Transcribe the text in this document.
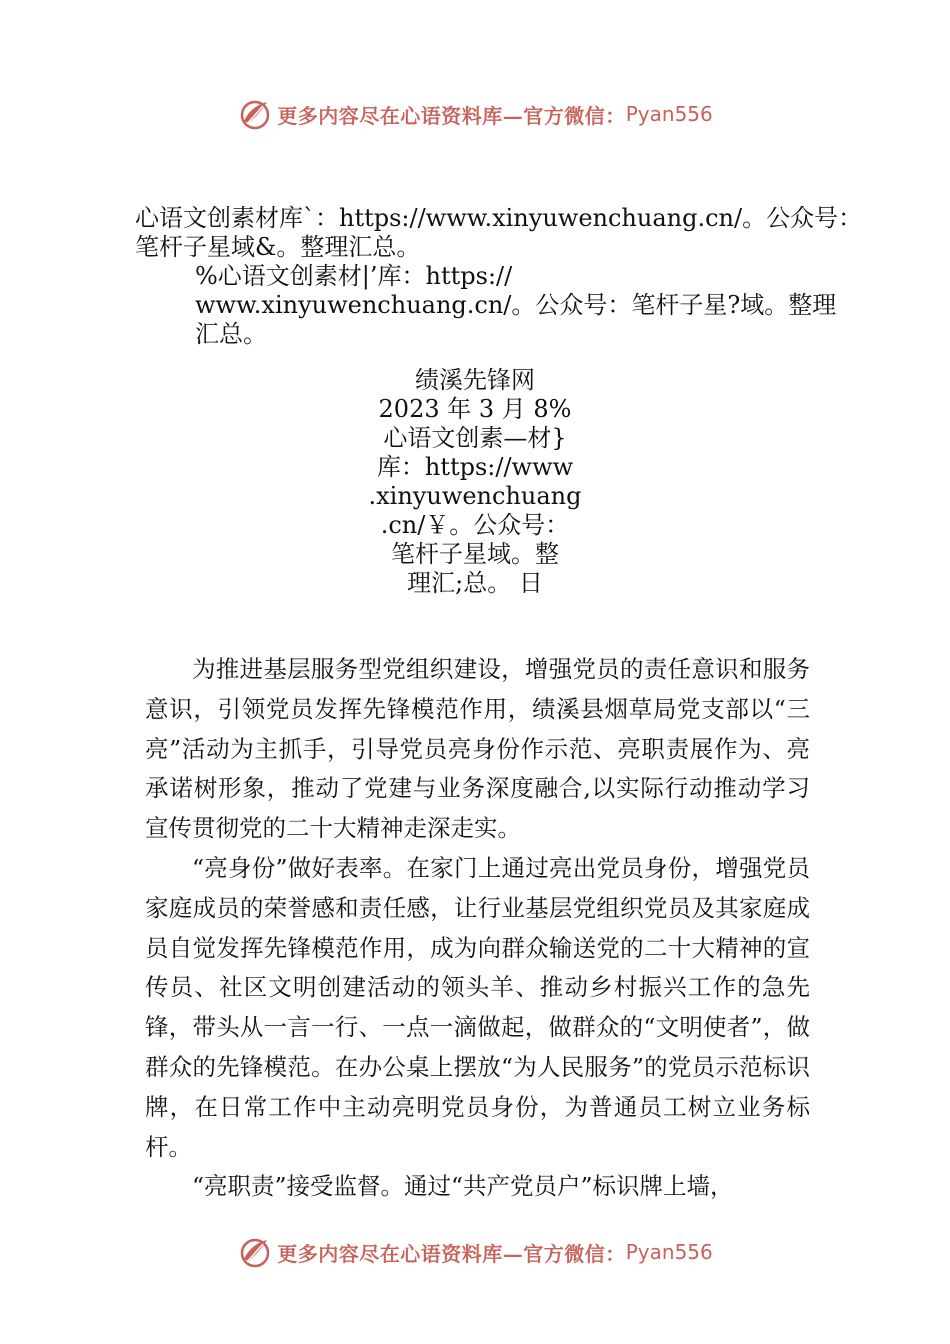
更多内容尽在心语资料库—官方微信： Pyan556
心语文创素材库`：https://www.xinyuwenchuang.cn/。公众号：
笔杆子星域&。整理汇总。
%心语文创素材|’库：https://
www.xinyuwenchuang.cn/。公众号：笔杆子星?域。整理
汇总。
绩溪先锋网
2023 年 3 月 8%
心语文创素—材}
库：https://www
.xinyuwenchuang
.cn/￥。公众号：
笔杆子星域。整
理汇;总。 日

为推进基层服务型党组织建设，增强党员的责任意识和服务意识，引领党员发挥先锋模范作用，绩溪县烟草局党支部以“三亮”活动为主抓手，引导党员亮身份作示范、亮职责展作为、亮承诺树形象，推动了党建与业务深度融合,以实际行动推动学习宣传贯彻党的二十大精神走深走实。

“亮身份”做好表率。在家门上通过亮出党员身份，增强党员家庭成员的荣誉感和责任感，让行业基层党组织党员及其家庭成员自觉发挥先锋模范作用，成为向群众输送党的二十大精神的宣传员、社区文明创建活动的领头羊、推动乡村振兴工作的急先锋，带头从一言一行、一点一滴做起，做群众的“文明使者”，做群众的先锋模范。在办公桌上摆放“为人民服务”的党员示范标识牌，在日常工作中主动亮明党员身份，为普通员工树立业务标杆。

“亮职责”接受监督。通过“共产党员户”标识牌上墙，

更多内容尽在心语资料库—官方微信： Pyan556
